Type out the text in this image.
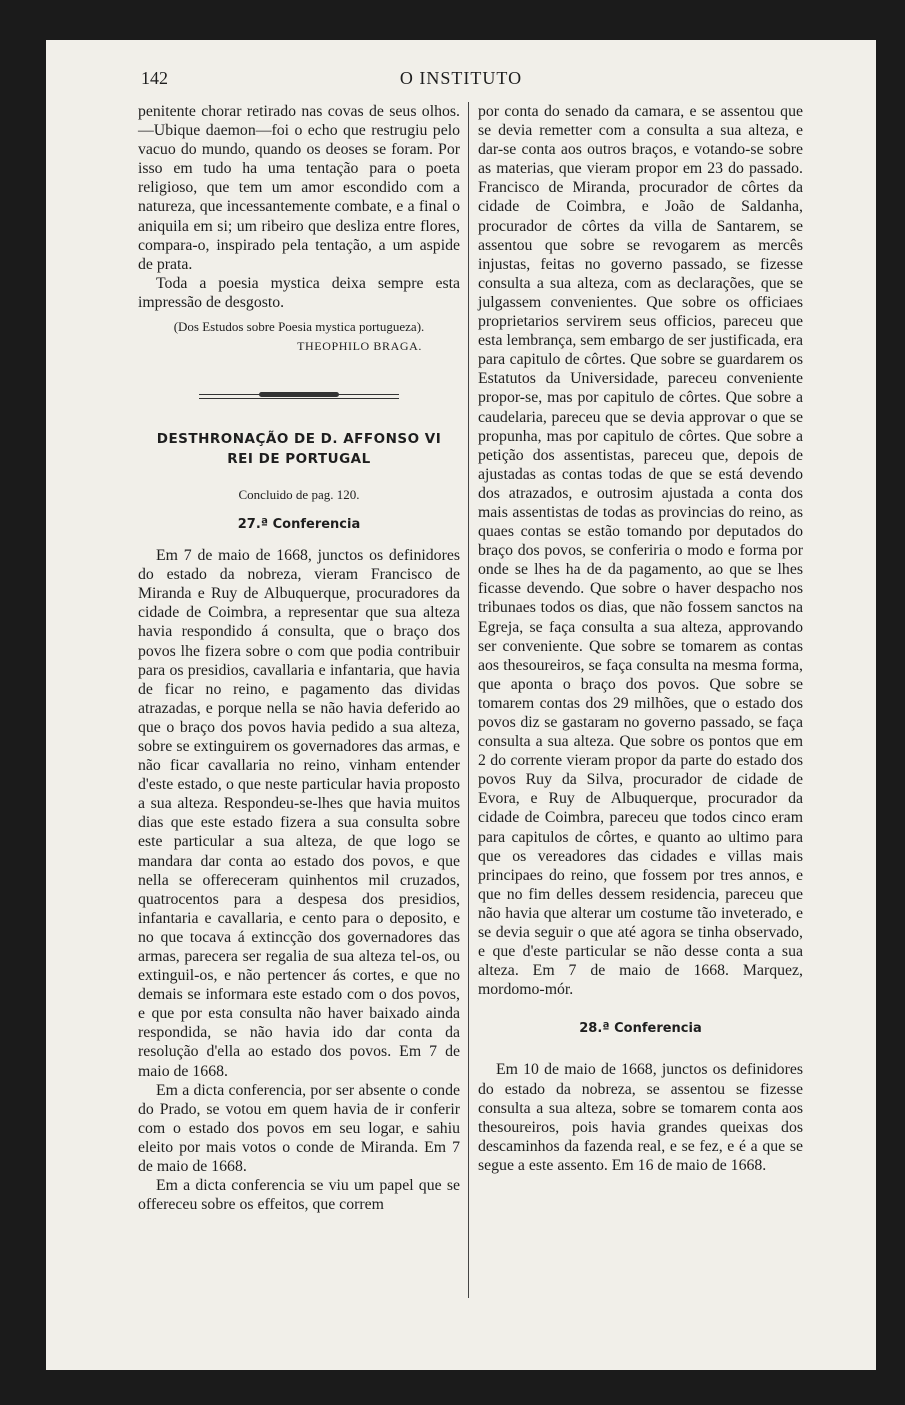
142	O INSTITUTO

penitente chorar retirado nas covas de seus olhos.—Ubique daemon—foi o echo que restrugiu pelo vacuo do mundo, quando os deoses se foram. Por isso em tudo ha uma tentação para o poeta religioso, que tem um amor escondido com a natureza, que incessantemente combate, e a final o aniquila em si; um ribeiro que desliza entre flores, compara-o, inspirado pela tentação, a um aspide de prata.

Toda a poesia mystica deixa sempre esta impressão de desgosto.

(Dos Estudos sobre Poesia mystica portugueza).

THEOPHILO BRAGA.

DESTHRONAÇÃO DE D. AFFONSO VI
REI DE PORTUGAL
Concluido de pag. 120.
27.ª Conferencia

Em 7 de maio de 1668, junctos os definidores do estado da nobreza, vieram Francisco de Miranda e Ruy de Albuquerque, procuradores da cidade de Coimbra, a representar que sua alteza havia respondido á consulta, que o braço dos povos lhe fizera sobre o com que podia contribuir para os presidios, cavallaria e infantaria, que havia de ficar no reino, e pagamento das dividas atrazadas, e porque nella se não havia deferido ao que o braço dos povos havia pedido a sua alteza, sobre se extinguirem os governadores das armas, e não ficar cavallaria no reino, vinham entender d'este estado, o que neste particular havia proposto a sua alteza. Respondeu-se-lhes que havia muitos dias que este estado fizera a sua consulta sobre este particular a sua alteza, de que logo se mandara dar conta ao estado dos povos, e que nella se offereceram quinhentos mil cruzados, quatrocentos para a despesa dos presidios, infantaria e cavallaria, e cento para o deposito, e no que tocava á extincção dos governadores das armas, parecera ser regalia de sua alteza tel-os, ou extinguil-os, e não pertencer ás cortes, e que no demais se informara este estado com o dos povos, e que por esta consulta não haver baixado ainda respondida, se não havia ido dar conta da resolução d'ella ao estado dos povos. Em 7 de maio de 1668.

Em a dicta conferencia, por ser absente o conde do Prado, se votou em quem havia de ir conferir com o estado dos povos em seu logar, e sahiu eleito por mais votos o conde de Miranda. Em 7 de maio de 1668.

Em a dicta conferencia se viu um papel que se offereceu sobre os effeitos, que correm

por conta do senado da camara, e se assentou que se devia remetter com a consulta a sua alteza, e dar-se conta aos outros braços, e votando-se sobre as materias, que vieram propor em 23 do passado. Francisco de Miranda, procurador de côrtes da cidade de Coimbra, e João de Saldanha, procurador de côrtes da villa de Santarem, se assentou que sobre se revogarem as mercês injustas, feitas no governo passado, se fizesse consulta a sua alteza, com as declarações, que se julgassem convenientes. Que sobre os officiaes proprietarios servirem seus officios, pareceu que esta lembrança, sem embargo de ser justificada, era para capitulo de côrtes. Que sobre se guardarem os Estatutos da Universidade, pareceu conveniente propor-se, mas por capitulo de côrtes. Que sobre a caudelaria, pareceu que se devia approvar o que se propunha, mas por capitulo de côrtes. Que sobre a petição dos assentistas, pareceu que, depois de ajustadas as contas todas de que se está devendo dos atrazados, e outrosim ajustada a conta dos mais assentistas de todas as provincias do reino, as quaes contas se estão tomando por deputados do braço dos povos, se conferiria o modo e forma por onde se lhes ha de da pagamento, ao que se lhes ficasse devendo. Que sobre o haver despacho nos tribunaes todos os dias, que não fossem sanctos na Egreja, se faça consulta a sua alteza, approvando ser conveniente. Que sobre se tomarem as contas aos thesoureiros, se faça consulta na mesma forma, que aponta o braço dos povos. Que sobre se tomarem contas dos 29 milhões, que o estado dos povos diz se gastaram no governo passado, se faça consulta a sua alteza. Que sobre os pontos que em 2 do corrente vieram propor da parte do estado dos povos Ruy da Silva, procurador de cidade de Evora, e Ruy de Albuquerque, procurador da cidade de Coimbra, pareceu que todos cinco eram para capitulos de côrtes, e quanto ao ultimo para que os vereadores das cidades e villas mais principaes do reino, que fossem por tres annos, e que no fim delles dessem residencia, pareceu que não havia que alterar um costume tão inveterado, e se devia seguir o que até agora se tinha observado, e que d'este particular se não desse conta a sua alteza. Em 7 de maio de 1668. Marquez, mordomo-mór.

28.ª Conferencia

Em 10 de maio de 1668, junctos os definidores do estado da nobreza, se assentou se fizesse consulta a sua alteza, sobre se tomarem conta aos thesoureiros, pois havia grandes queixas dos descaminhos da fazenda real, e se fez, e é a que se segue a este assento. Em 16 de maio de 1668.
